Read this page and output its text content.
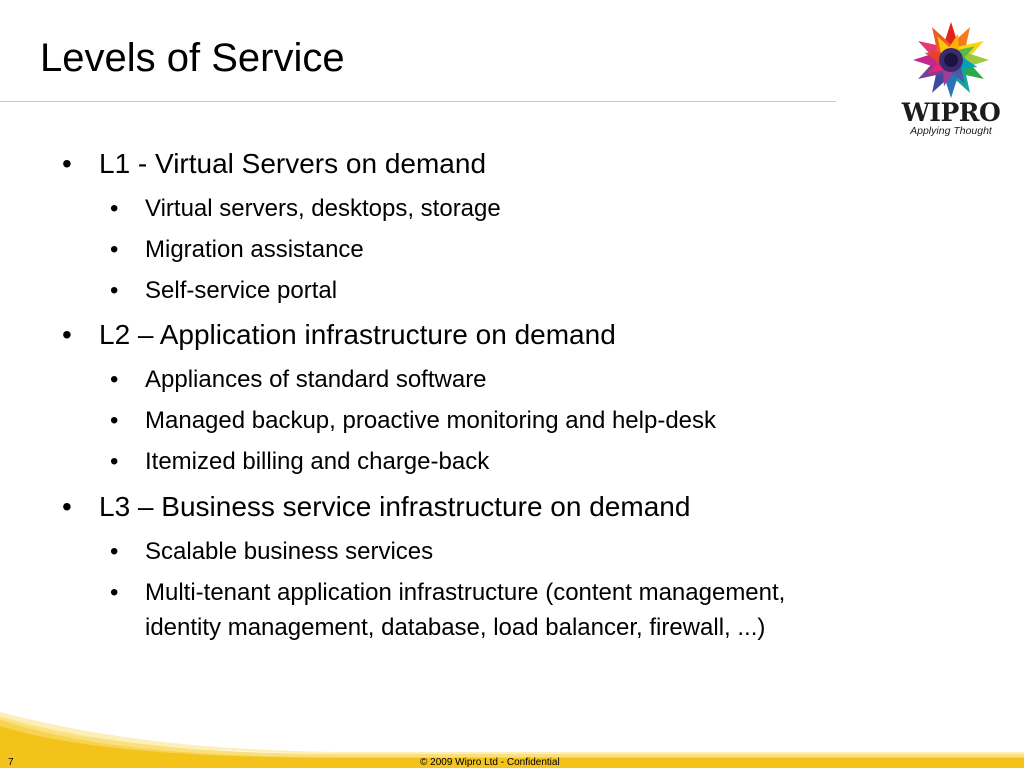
Levels of Service
WIPRO
Applying Thought
• L1 - Virtual Servers on demand
• Virtual servers, desktops, storage
• Migration assistance
• Self-service portal
• L2 – Application infrastructure on demand
• Appliances of standard software
• Managed backup, proactive monitoring and help-desk
• Itemized billing and charge-back
• L3 – Business service infrastructure on demand
• Scalable business services
• Multi-tenant application infrastructure (content management,
identity management, database, load balancer, firewall, ...)
7	© 2009 Wipro Ltd - Confidential
